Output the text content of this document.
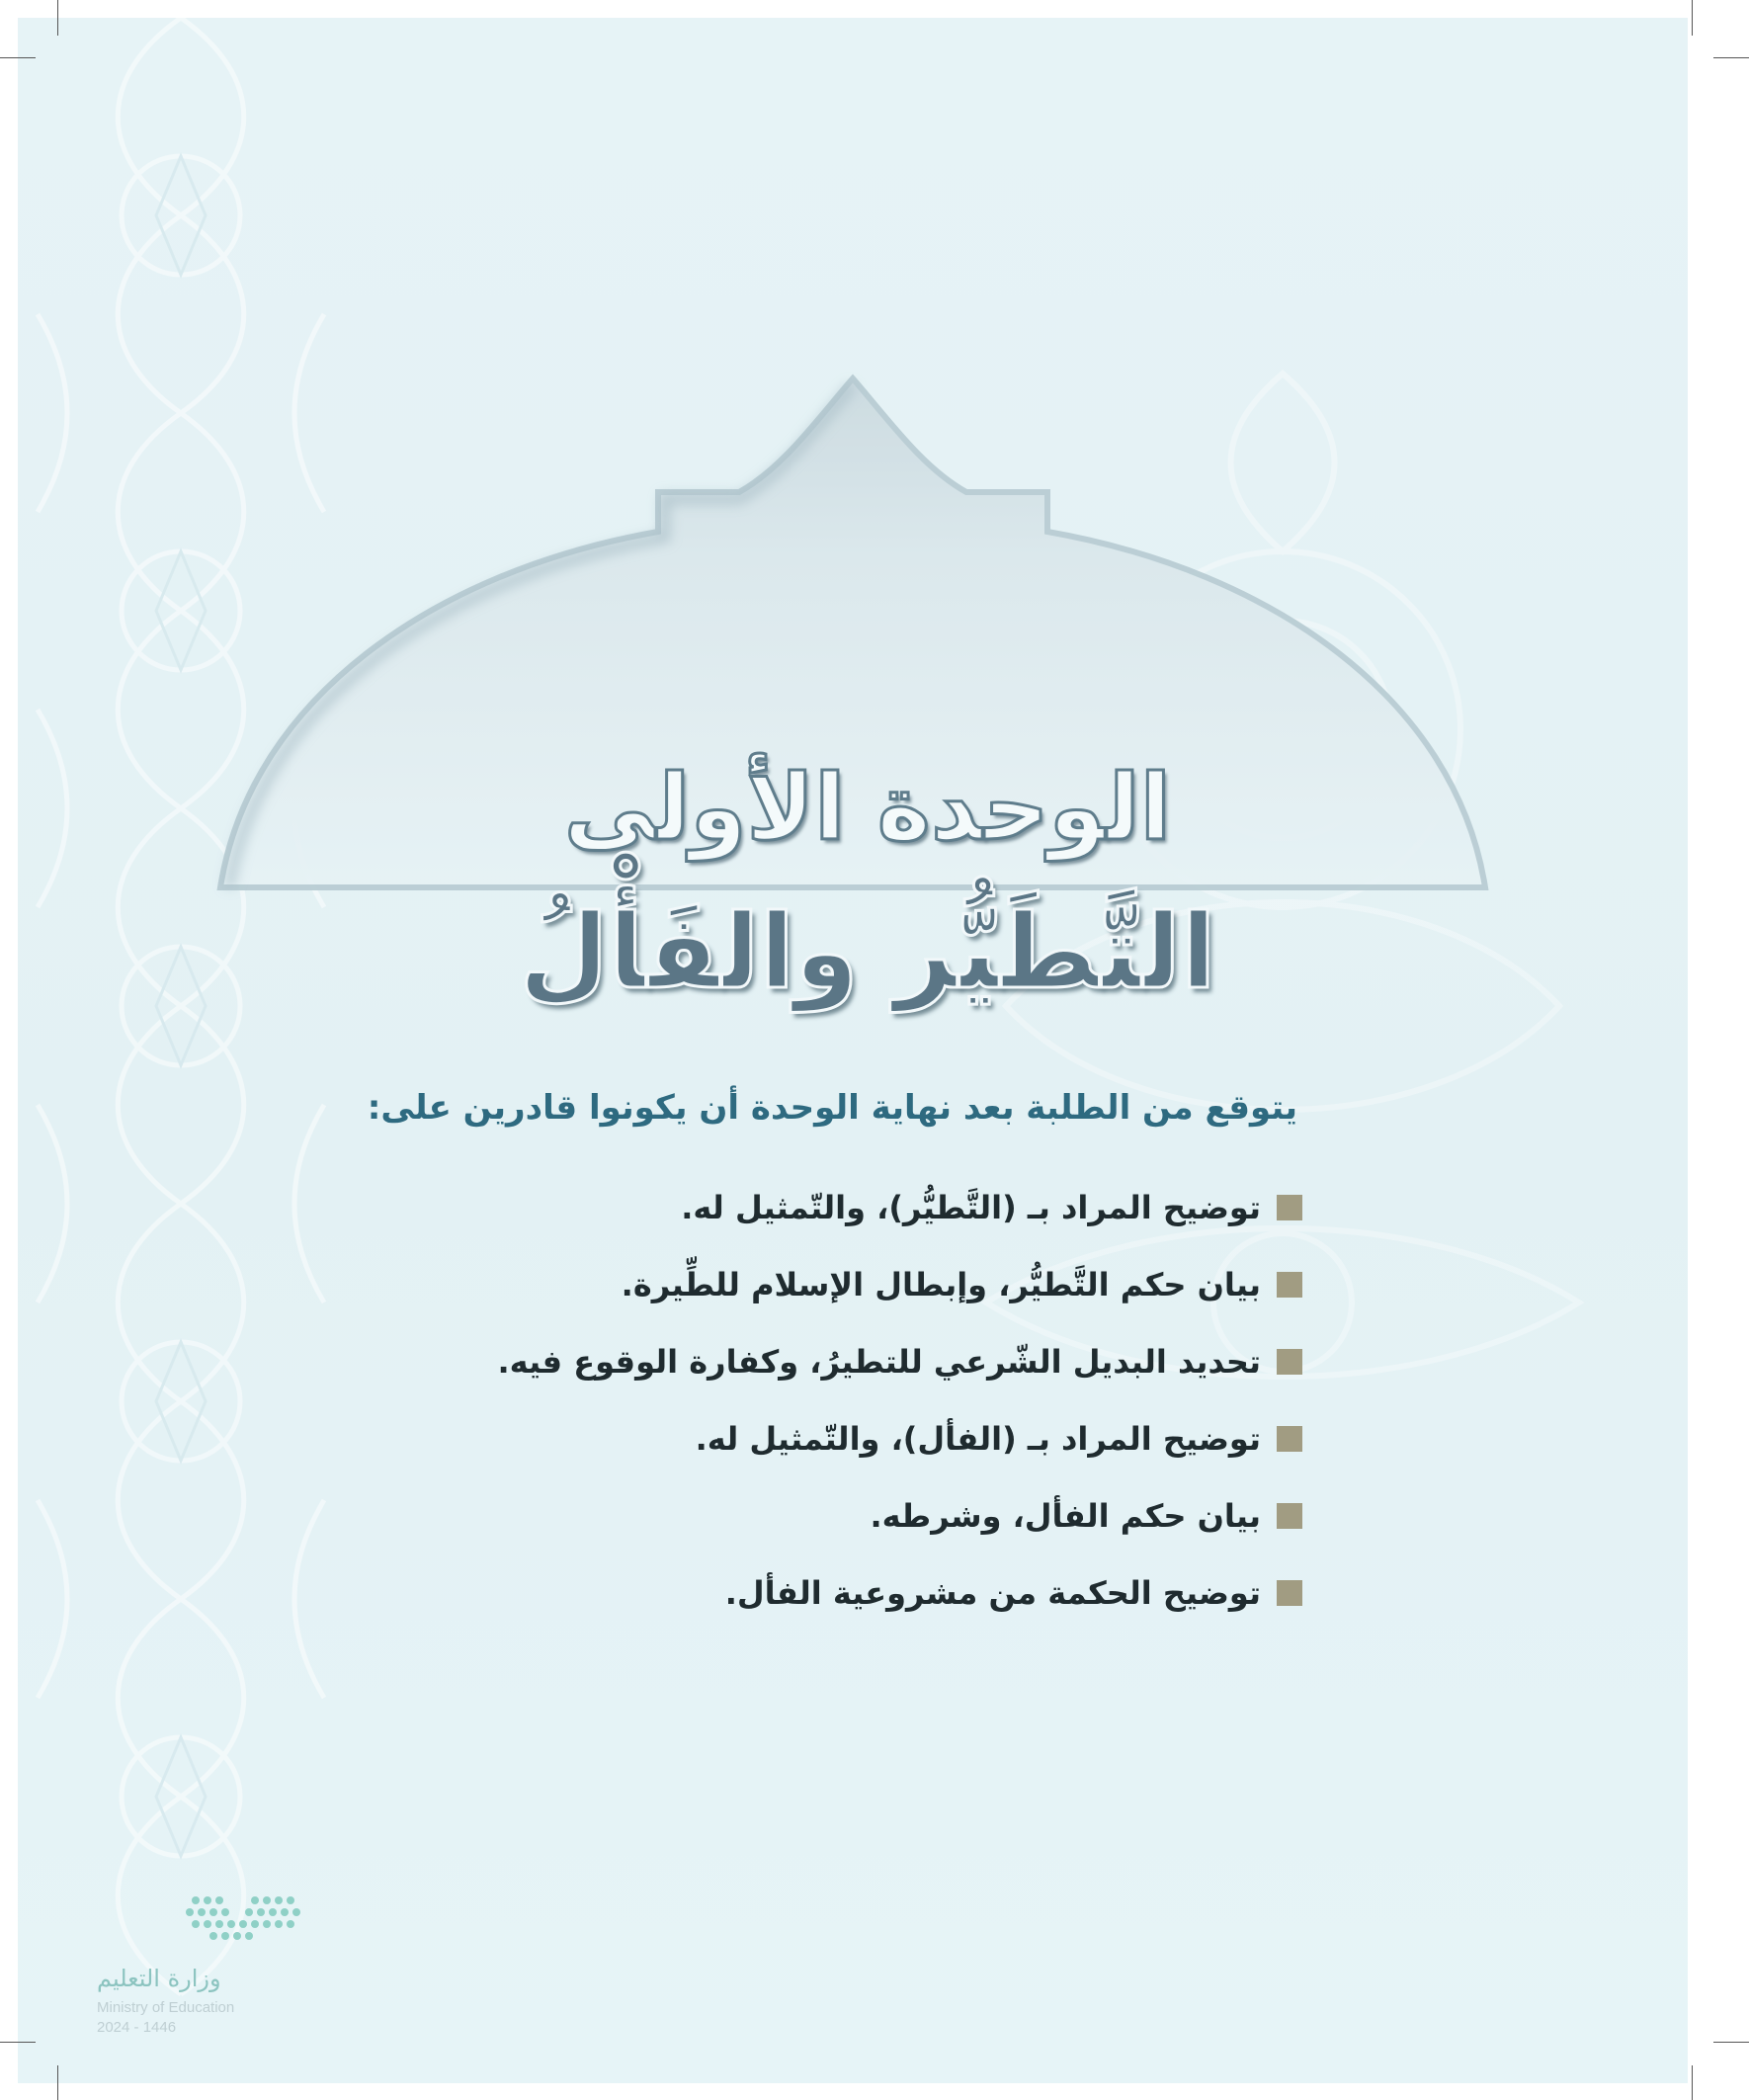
الوحدة الأولى
التَّطَيُّر والفَأْلُ
يتوقع من الطلبة بعد نهاية الوحدة أن يكونوا قادرين على:
توضيح المراد بـ (التَّطيُّر)، والتّمثيل له.
بيان حكم التَّطيُّر، وإبطال الإسلام للطِّيرة.
تحديد البديل الشّرعي للتطيرُ، وكفارة الوقوع فيه.
توضيح المراد بـ (الفأل)، والتّمثيل له.
بيان حكم الفأل، وشرطه.
توضيح الحكمة من مشروعية الفأل.
وزارة التعليم
Ministry of Education
2024 - 1446
